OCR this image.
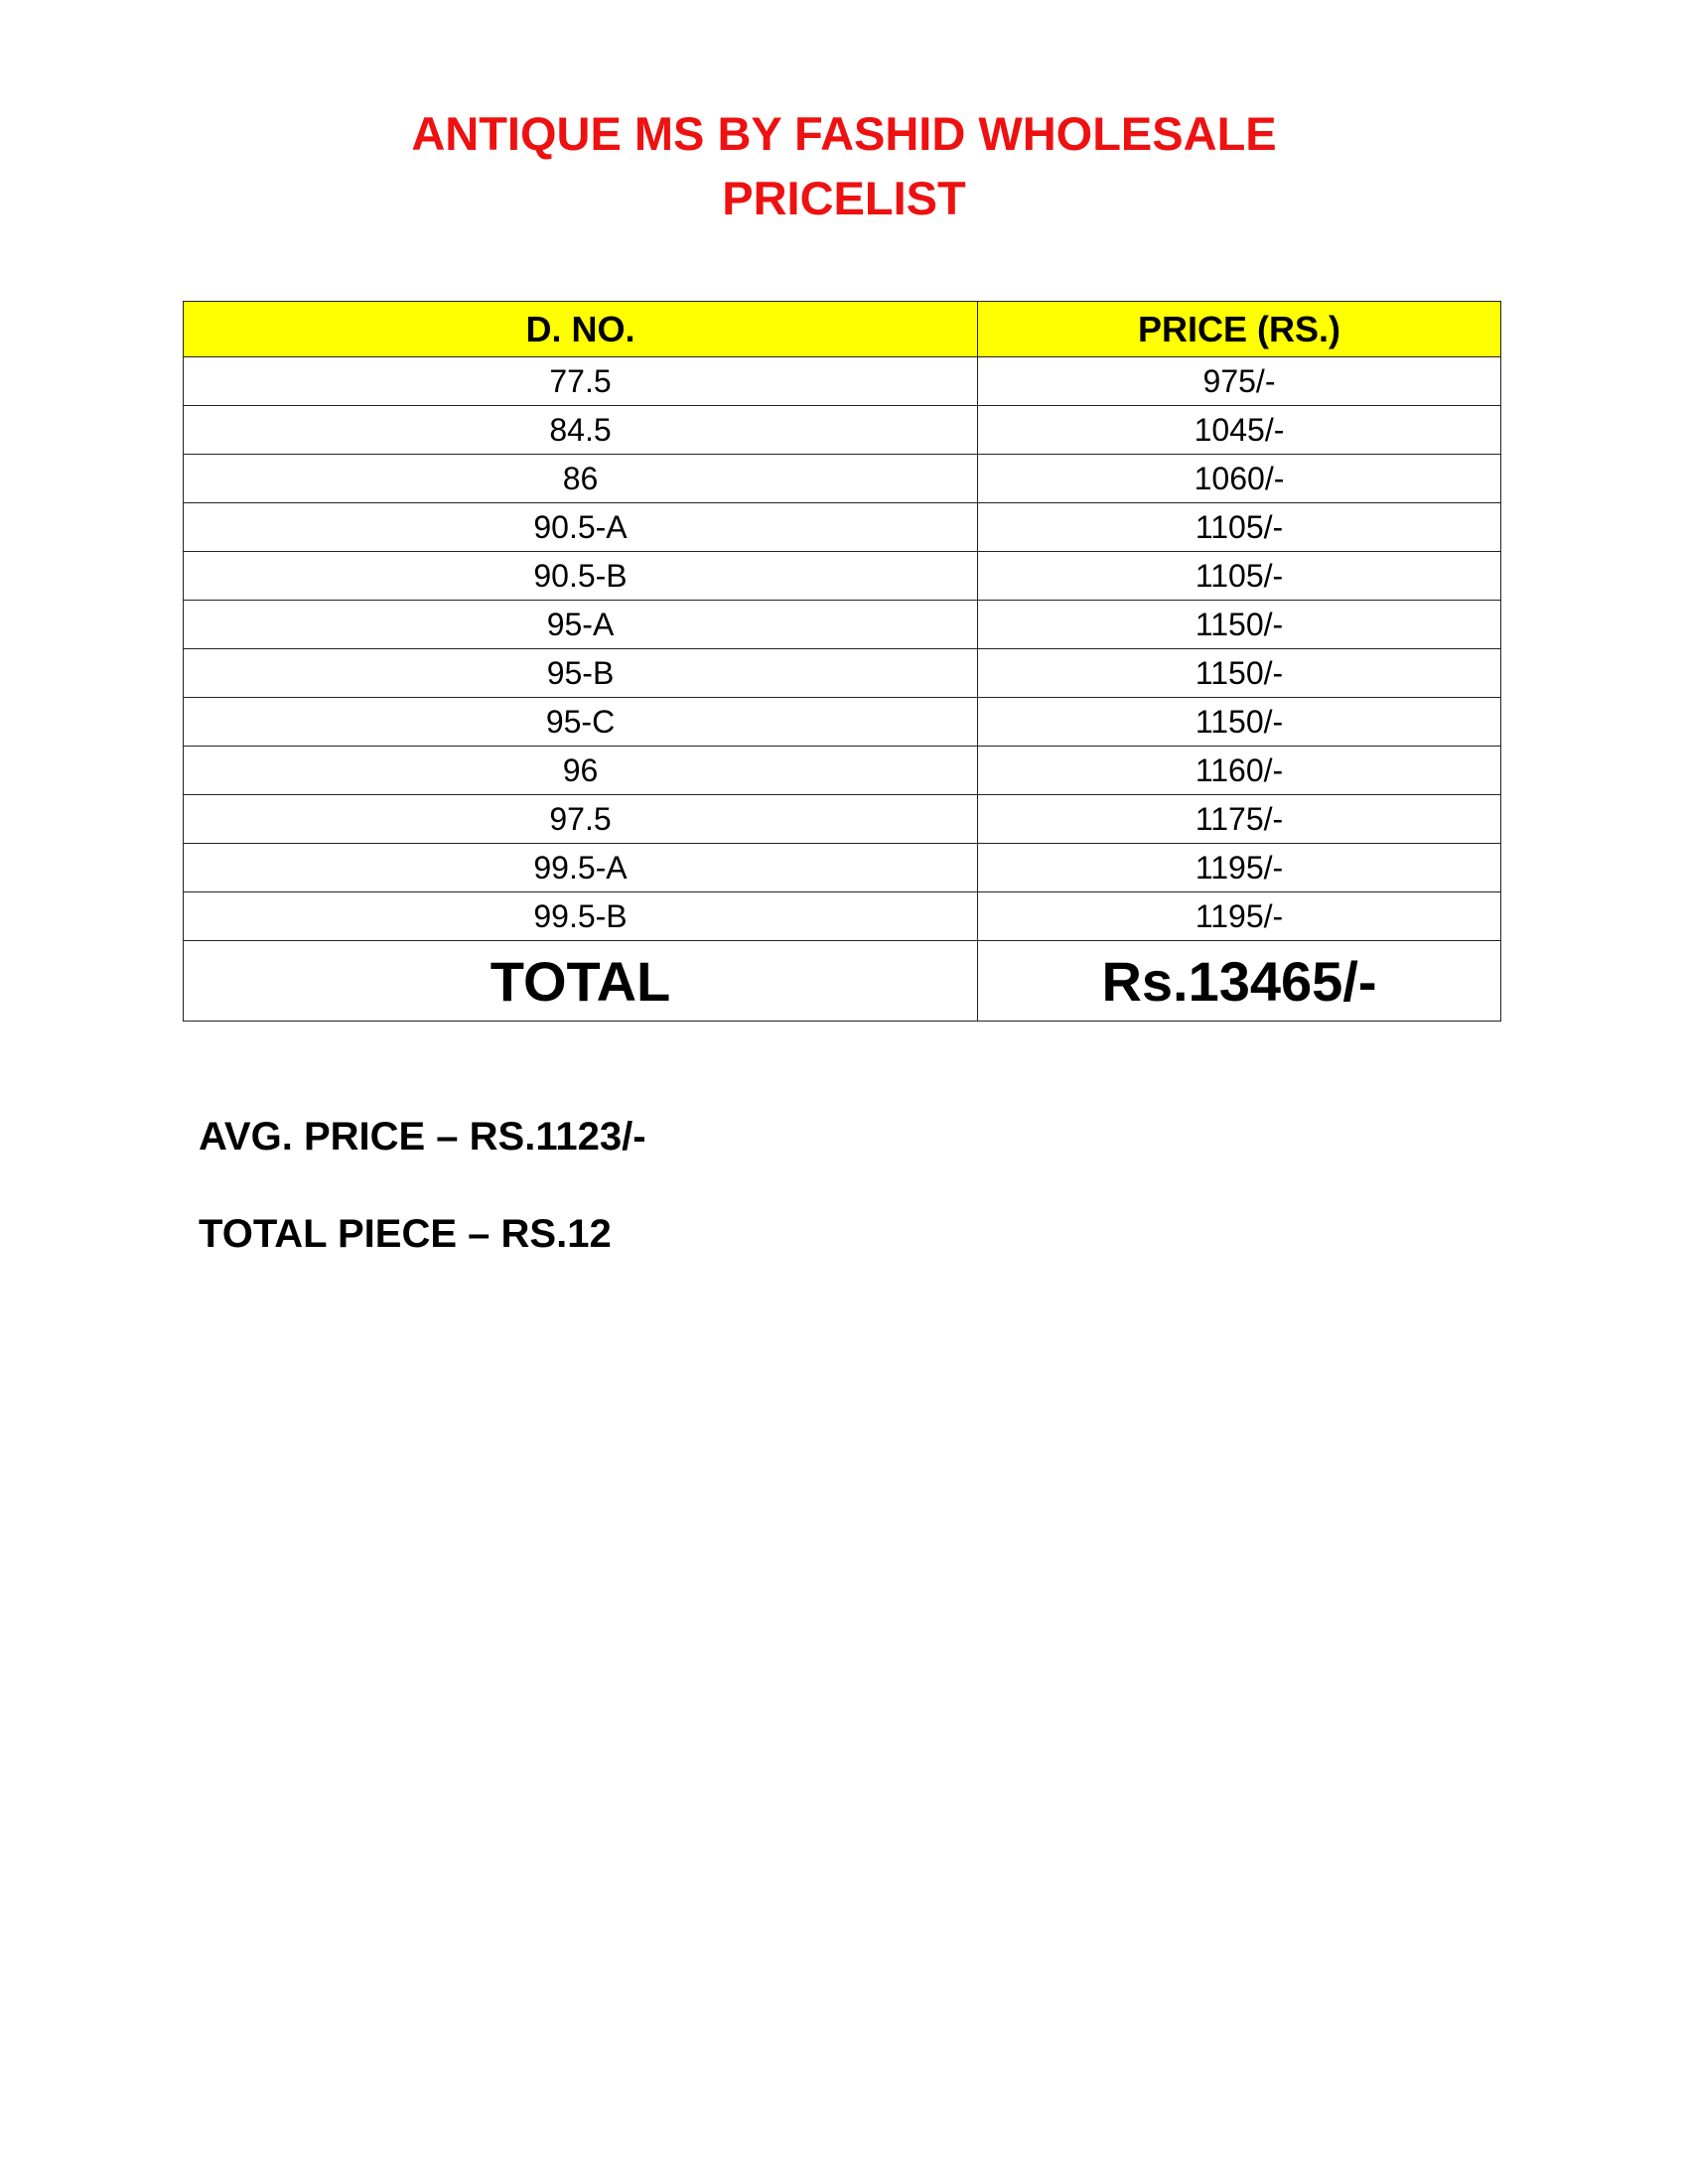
ANTIQUE MS BY FASHID WHOLESALE
PRICELIST
D. NO.	PRICE (RS.)
77.5	975/-
84.5	1045/-
86	1060/-
90.5-A	1105/-
90.5-B	1105/-
95-A	1150/-
95-B	1150/-
95-C	1150/-
96	1160/-
97.5	1175/-
99.5-A	1195/-
99.5-B	1195/-
TOTAL	Rs.13465/-

AVG. PRICE – RS.1123/-

TOTAL PIECE – RS.12
